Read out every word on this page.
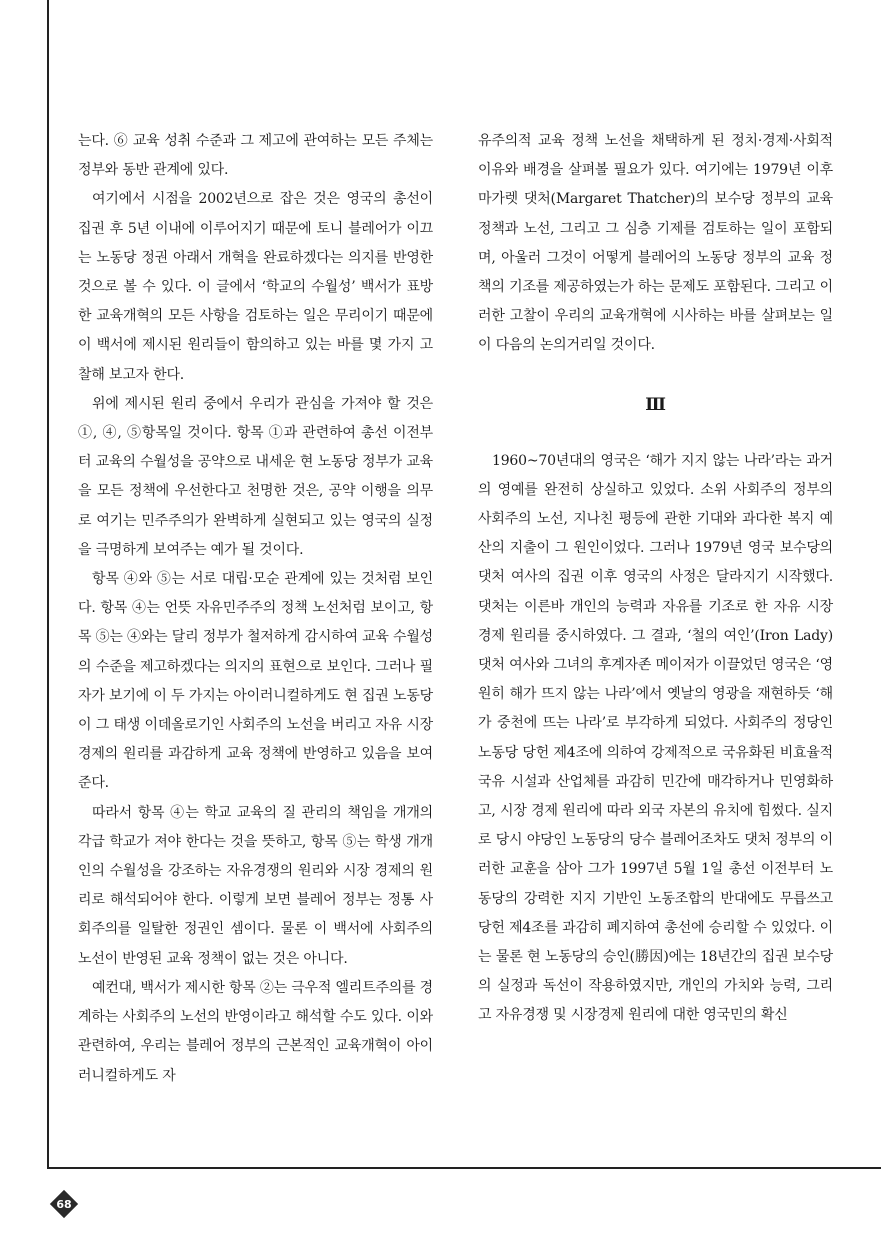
는다. ⑥ 교육 성취 수준과 그 제고에 관여하는 모든 주체는 정부와 동반 관계에 있다.

여기에서 시점을 2002년으로 잡은 것은 영국의 총선이 집권 후 5년 이내에 이루어지기 때문에 토니 블레어가 이끄는 노동당 정권 아래서 개혁을 완료하겠다는 의지를 반영한 것으로 볼 수 있다. 이 글에서 ‘학교의 수월성’ 백서가 표방한 교육개혁의 모든 사항을 검토하는 일은 무리이기 때문에 이 백서에 제시된 원리들이 함의하고 있는 바를 몇 가지 고찰해 보고자 한다.

위에 제시된 원리 중에서 우리가 관심을 가져야 할 것은 ①, ④, ⑤항목일 것이다. 항목 ①과 관련하여 총선 이전부터 교육의 수월성을 공약으로 내세운 현 노동당 정부가 교육을 모든 정책에 우선한다고 천명한 것은, 공약 이행을 의무로 여기는 민주주의가 완벽하게 실현되고 있는 영국의 실정을 극명하게 보여주는 예가 될 것이다.

항목 ④와 ⑤는 서로 대립·모순 관계에 있는 것처럼 보인다. 항목 ④는 언뜻 자유민주주의 정책 노선처럼 보이고, 항목 ⑤는 ④와는 달리 정부가 철저하게 감시하여 교육 수월성의 수준을 제고하겠다는 의지의 표현으로 보인다. 그러나 필자가 보기에 이 두 가지는 아이러니컬하게도 현 집권 노동당이 그 태생 이데올로기인 사회주의 노선을 버리고 자유 시장 경제의 원리를 과감하게 교육 정책에 반영하고 있음을 보여 준다.

따라서 항목 ④는 학교 교육의 질 관리의 책임을 개개의 각급 학교가 져야 한다는 것을 뜻하고, 항목 ⑤는 학생 개개인의 수월성을 강조하는 자유경쟁의 원리와 시장 경제의 원리로 해석되어야 한다. 이렇게 보면 블레어 정부는 정통 사회주의를 일탈한 정권인 셈이다. 물론 이 백서에 사회주의 노선이 반영된 교육 정책이 없는 것은 아니다.

예컨대, 백서가 제시한 항목 ②는 극우적 엘리트주의를 경계하는 사회주의 노선의 반영이라고 해석할 수도 있다. 이와 관련하여, 우리는 블레어 정부의 근본적인 교육개혁이 아이러니컬하게도 자

유주의적 교육 정책 노선을 채택하게 된 정치·경제·사회적 이유와 배경을 살펴볼 필요가 있다. 여기에는 1979년 이후 마가렛 댓처(Margaret Thatcher)의 보수당 정부의 교육 정책과 노선, 그리고 그 심층 기제를 검토하는 일이 포함되며, 아울러 그것이 어떻게 블레어의 노동당 정부의 교육 정책의 기조를 제공하였는가 하는 문제도 포함된다. 그리고 이러한 고찰이 우리의 교육개혁에 시사하는 바를 살펴보는 일이 다음의 논의거리일 것이다.

Ⅲ

1960~70년대의 영국은 ‘해가 지지 않는 나라’라는 과거의 영예를 완전히 상실하고 있었다. 소위 사회주의 정부의 사회주의 노선, 지나친 평등에 관한 기대와 과다한 복지 예산의 지출이 그 원인이었다. 그러나 1979년 영국 보수당의 댓처 여사의 집권 이후 영국의 사정은 달라지기 시작했다. 댓처는 이른바 개인의 능력과 자유를 기조로 한 자유 시장 경제 원리를 중시하였다. 그 결과, ‘철의 여인’(Iron Lady) 댓처 여사와 그녀의 후계자존 메이저가 이끌었던 영국은 ‘영원히 해가 뜨지 않는 나라’에서 옛날의 영광을 재현하듯 ‘해가 중천에 뜨는 나라’로 부각하게 되었다. 사회주의 정당인 노동당 당헌 제4조에 의하여 강제적으로 국유화된 비효율적 국유 시설과 산업체를 과감히 민간에 매각하거나 민영화하고, 시장 경제 원리에 따라 외국 자본의 유치에 힘썼다. 실지로 당시 야당인 노동당의 당수 블레어조차도 댓처 정부의 이러한 교훈을 삼아 그가 1997년 5월 1일 총선 이전부터 노동당의 강력한 지지 기반인 노동조합의 반대에도 무릅쓰고 당헌 제4조를 과감히 폐지하여 총선에 승리할 수 있었다. 이는 물론 현 노동당의 승인(勝因)에는 18년간의 집권 보수당의 실정과 독선이 작용하였지만, 개인의 가치와 능력, 그리고 자유경쟁 및 시장경제 원리에 대한 영국민의 확신

68
